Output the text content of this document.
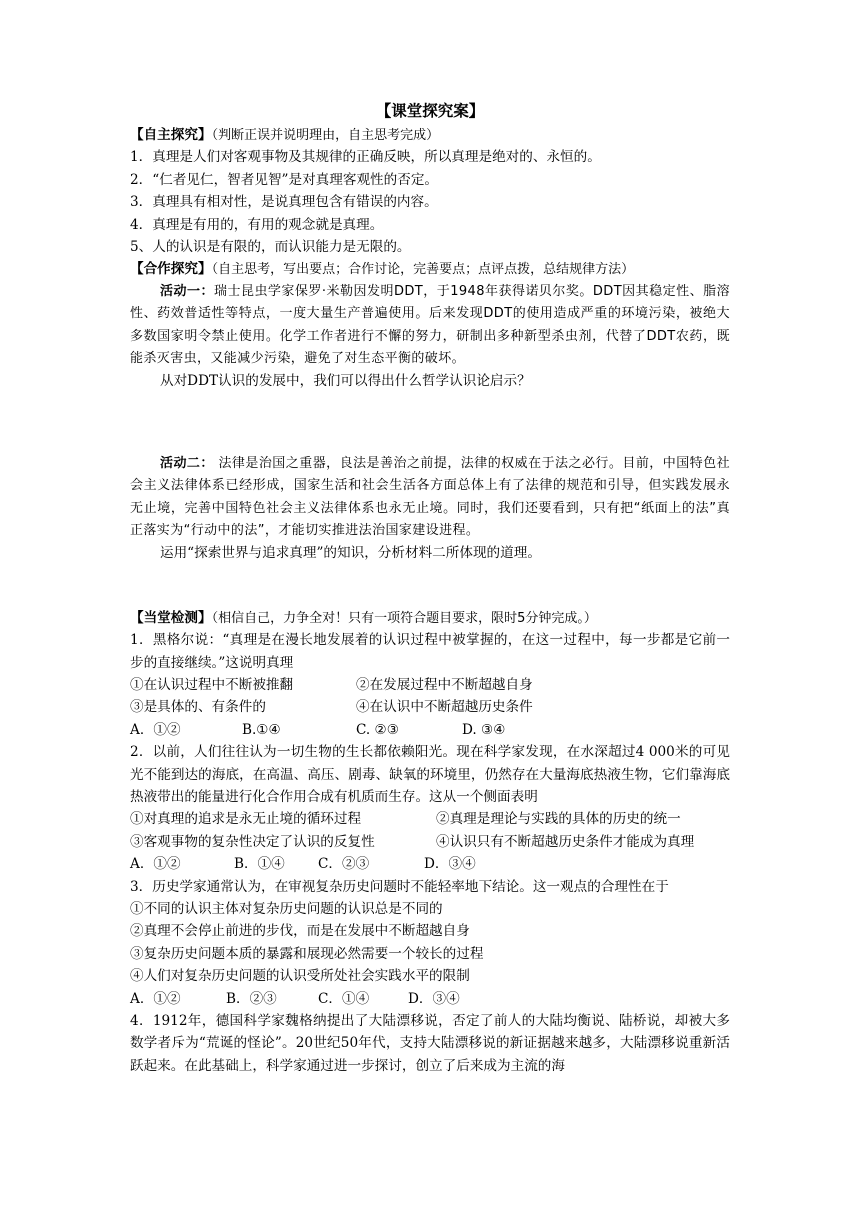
【课堂探究案】
【自主探究】（判断正误并说明理由，自主思考完成）
1．真理是人们对客观事物及其规律的正确反映，所以真理是绝对的、永恒的。
2．“仁者见仁，智者见智”是对真理客观性的否定。
3．真理具有相对性，是说真理包含有错误的内容。
4．真理是有用的，有用的观念就是真理。
5、人的认识是有限的，而认识能力是无限的。
【合作探究】（自主思考，写出要点；合作讨论，完善要点；点评点拨，总结规律方法）

活动一：瑞士昆虫学家保罗·米勒因发明DDT，于1948年获得诺贝尔奖。DDT因其稳定性、脂溶性、药效普适性等特点，一度大量生产普遍使用。后来发现DDT的使用造成严重的环境污染，被绝大多数国家明令禁止使用。化学工作者进行不懈的努力，研制出多种新型杀虫剂，代替了DDT农药，既能杀灭害虫，又能减少污染，避免了对生态平衡的破坏。

从对DDT认识的发展中，我们可以得出什么哲学认识论启示？

活动二： 法律是治国之重器，良法是善治之前提，法律的权威在于法之必行。目前，中国特色社会主义法律体系已经形成，国家生活和社会生活各方面总体上有了法律的规范和引导，但实践发展永无止境，完善中国特色社会主义法律体系也永无止境。同时，我们还要看到，只有把“纸面上的法”真正落实为“行动中的法”，才能切实推进法治国家建设进程。

运用“探索世界与追求真理”的知识，分析材料二所体现的道理。

【当堂检测】（相信自己，力争全对！只有一项符合题目要求，限时5分钟完成。）

1．黑格尔说：“真理是在漫长地发展着的认识过程中被掌握的，在这一过程中，每一步都是它前一步的直接继续。”这说明真理

①在认识过程中不断被推翻	②在发展过程中不断超越自身
③是具体的、有条件的	④在认识中不断超越历史条件
A．①②	B.①④	C. ②③	D. ③④

2．以前，人们往往认为一切生物的生长都依赖阳光。现在科学家发现，在水深超过4 000米的可见光不能到达的海底，在高温、高压、剧毒、缺氧的环境里，仍然存在大量海底热液生物，它们靠海底热液带出的能量进行化合作用合成有机质而生存。这从一个侧面表明

①对真理的追求是永无止境的循环过程	②真理是理论与实践的具体的历史的统一
③客观事物的复杂性决定了认识的反复性	④认识只有不断超越历史条件才能成为真理
A．①②	B．①④	C．②③	D．③④

3．历史学家通常认为，在审视复杂历史问题时不能轻率地下结论。这一观点的合理性在于

①不同的认识主体对复杂历史问题的认识总是不同的
②真理不会停止前进的步伐，而是在发展中不断超越自身
③复杂历史问题本质的暴露和展现必然需要一个较长的过程
④人们对复杂历史问题的认识受所处社会实践水平的限制
A．①②	B．②③	C．①④	D．③④

4．1912年，德国科学家魏格纳提出了大陆漂移说，否定了前人的大陆均衡说、陆桥说，却被大多数学者斥为“荒诞的怪论”。20世纪50年代，支持大陆漂移说的新证据越来越多，大陆漂移说重新活跃起来。在此基础上，科学家通过进一步探讨，创立了后来成为主流的海
